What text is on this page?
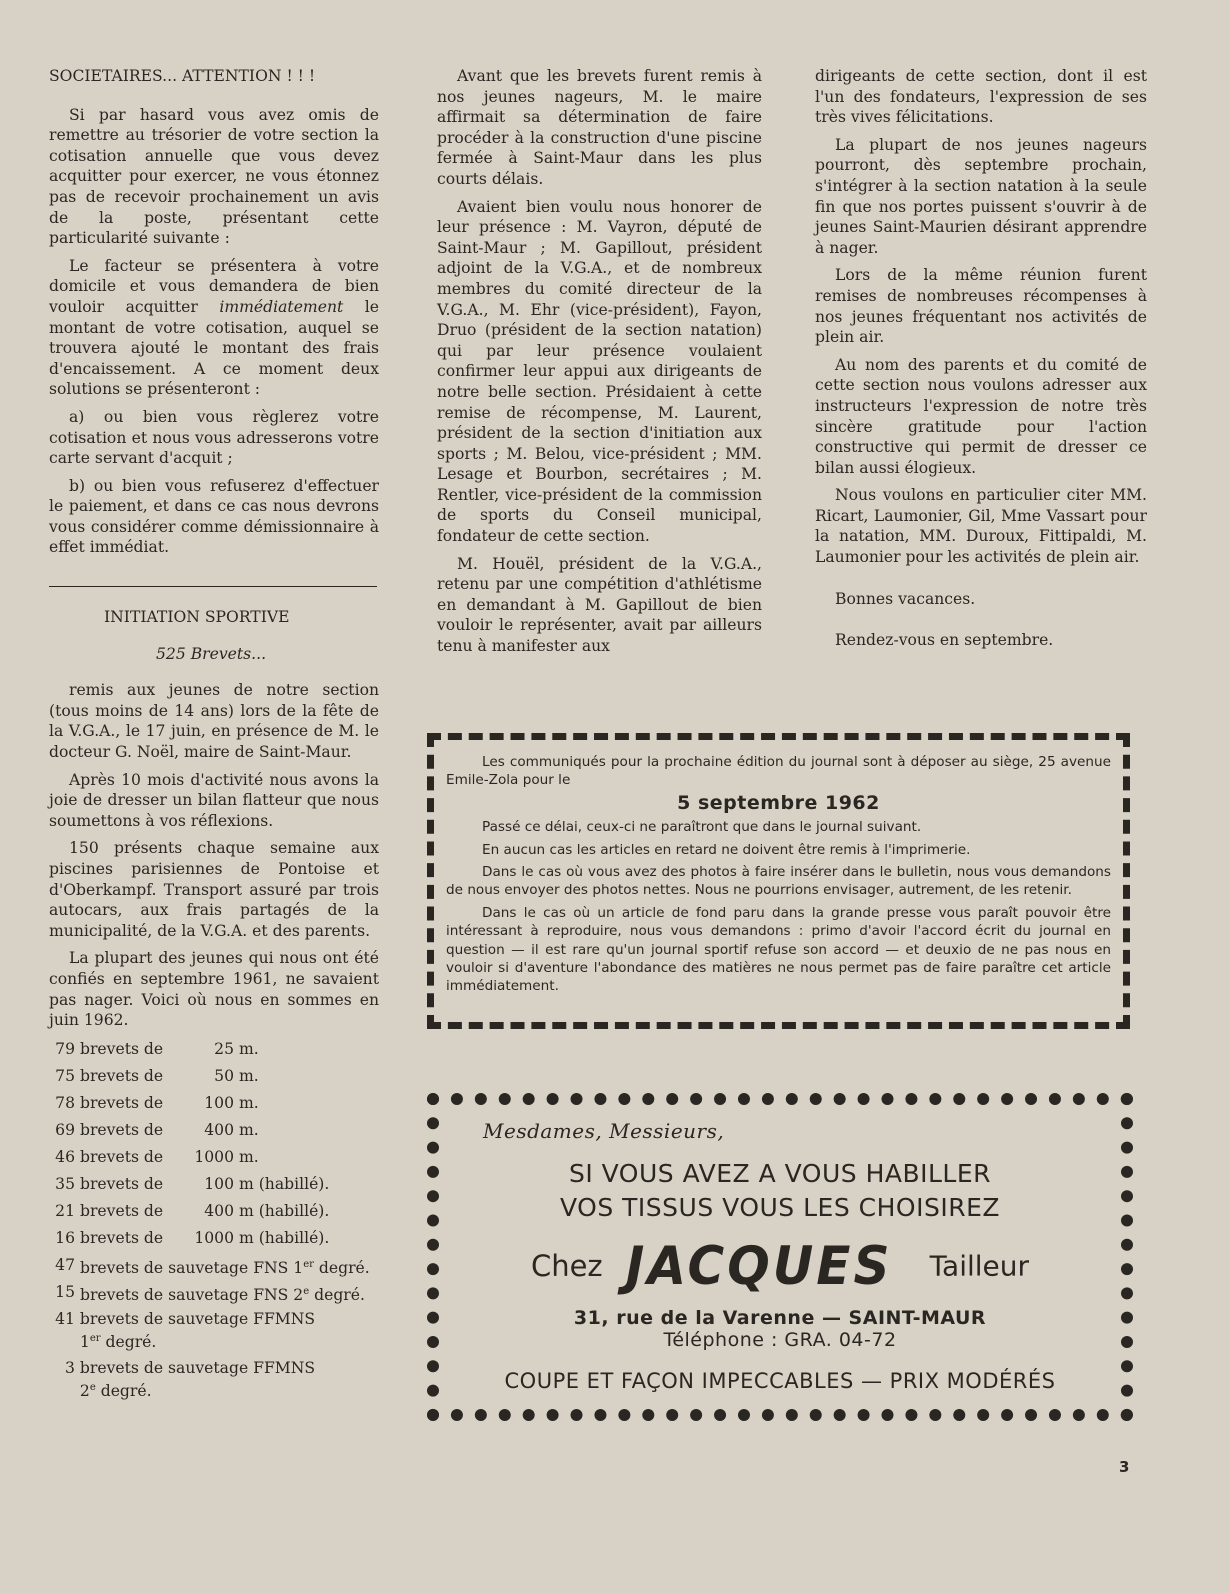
SOCIETAIRES... ATTENTION ! ! !

Si par hasard vous avez omis de remettre au trésorier de votre section la cotisation annuelle que vous devez acquitter pour exercer, ne vous étonnez pas de recevoir prochainement un avis de la poste, présentant cette particularité suivante :

Le facteur se présentera à votre domicile et vous demandera de bien vouloir acquitter immédiatement le montant de votre cotisation, auquel se trouvera ajouté le montant des frais d'encaissement. A ce moment deux solutions se présenteront :

a) ou bien vous règlerez votre cotisation et nous vous adresserons votre carte servant d'acquit ;

b) ou bien vous refuserez d'effectuer le paiement, et dans ce cas nous devrons vous considérer comme démissionnaire à effet immédiat.

INITIATION SPORTIVE

525 Brevets...

remis aux jeunes de notre section (tous moins de 14 ans) lors de la fête de la V.G.A., le 17 juin, en présence de M. le docteur G. Noël, maire de Saint-Maur.

Après 10 mois d'activité nous avons la joie de dresser un bilan flatteur que nous soumettons à vos réflexions.

150 présents chaque semaine aux piscines parisiennes de Pontoise et d'Oberkampf. Transport assuré par trois autocars, aux frais partagés de la municipalité, de la V.G.A. et des parents.

La plupart des jeunes qui nous ont été confiés en septembre 1961, ne savaient pas nager. Voici où nous en sommes en juin 1962.

79 brevets de	25 m.
75 brevets de	50 m.
78 brevets de	100 m.
69 brevets de	400 m.
46 brevets de	1000 m.
35 brevets de	100 m (habillé).
21 brevets de	400 m (habillé).
16 brevets de	1000 m (habillé).
47 brevets de sauvetage FNS 1er degré.
15 brevets de sauvetage FNS 2e degré.
41 brevets de sauvetage FFMNS
1er degré.
3 brevets de sauvetage FFMNS
2e degré.

Avant que les brevets furent remis à nos jeunes nageurs, M. le maire affirmait sa détermination de faire procéder à la construction d'une piscine fermée à Saint-Maur dans les plus courts délais.

Avaient bien voulu nous honorer de leur présence : M. Vayron, député de Saint-Maur ; M. Gapillout, président adjoint de la V.G.A., et de nombreux membres du comité directeur de la V.G.A., M. Ehr (vice-président), Fayon, Druo (président de la section natation) qui par leur présence voulaient confirmer leur appui aux dirigeants de notre belle section. Présidaient à cette remise de récompense, M. Laurent, président de la section d'initiation aux sports ; M. Belou, vice-président ; MM. Lesage et Bourbon, secrétaires ; M. Rentler, vice-président de la commission de sports du Conseil municipal, fondateur de cette section.

M. Houël, président de la V.G.A., retenu par une compétition d'athlétisme en demandant à M. Gapillout de bien vouloir le représenter, avait par ailleurs tenu à manifester aux

dirigeants de cette section, dont il est l'un des fondateurs, l'expression de ses très vives félicitations.

La plupart de nos jeunes nageurs pourront, dès septembre prochain, s'intégrer à la section natation à la seule fin que nos portes puissent s'ouvrir à de jeunes Saint-Maurien désirant apprendre à nager.

Lors de la même réunion furent remises de nombreuses récompenses à nos jeunes fréquentant nos activités de plein air.

Au nom des parents et du comité de cette section nous voulons adresser aux instructeurs l'expression de notre très sincère gratitude pour l'action constructive qui permit de dresser ce bilan aussi élogieux.

Nous voulons en particulier citer MM. Ricart, Laumonier, Gil, Mme Vassart pour la natation, MM. Duroux, Fittipaldi, M. Laumonier pour les activités de plein air.

Bonnes vacances.

Rendez-vous en septembre.

Les communiqués pour la prochaine édition du journal sont à déposer au siège, 25 avenue Emile-Zola pour le

5 septembre 1962

Passé ce délai, ceux-ci ne paraîtront que dans le journal suivant.

En aucun cas les articles en retard ne doivent être remis à l'imprimerie.

Dans le cas où vous avez des photos à faire insérer dans le bulletin, nous vous demandons de nous envoyer des photos nettes. Nous ne pourrions envisager, autrement, de les retenir.

Dans le cas où un article de fond paru dans la grande presse vous paraît pouvoir être intéressant à reproduire, nous vous demandons : primo d'avoir l'accord écrit du journal en question — il est rare qu'un journal sportif refuse son accord — et deuxio de ne pas nous en vouloir si d'aventure l'abondance des matières ne nous permet pas de faire paraître cet article immédiatement.

Mesdames, Messieurs,
SI VOUS AVEZ A VOUS HABILLER
VOS TISSUS VOUS LES CHOISIREZ
Chez JACQUES Tailleur
31, rue de la Varenne — SAINT-MAUR
Téléphone : GRA. 04-72
COUPE ET FAÇON IMPECCABLES — PRIX MODÉRÉS
3
